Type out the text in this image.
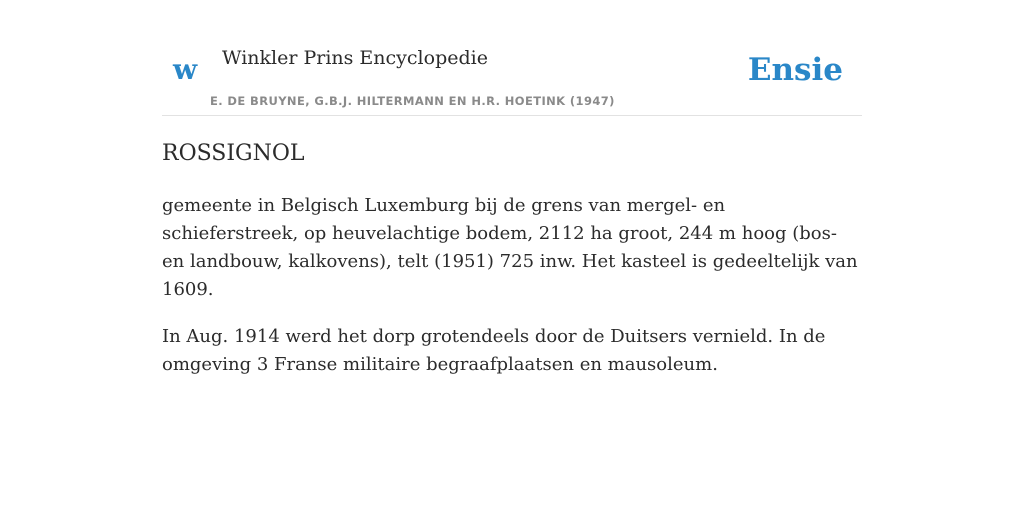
w Winkler Prins Encyclopedie
E. DE BRUYNE, G.B.J. HILTERMANN EN H.R. HOETINK (1947)
Ensie
ROSSIGNOL

gemeente in Belgisch Luxemburg bij de grens van mergel- en schieferstreek, op heuvelachtige bodem, 2112 ha groot, 244 m hoog (bos- en landbouw, kalkovens), telt (1951) 725 inw. Het kasteel is gedeeltelijk van 1609.

In Aug. 1914 werd het dorp grotendeels door de Duitsers vernield. In de omgeving 3 Franse militaire begraafplaatsen en mausoleum.
